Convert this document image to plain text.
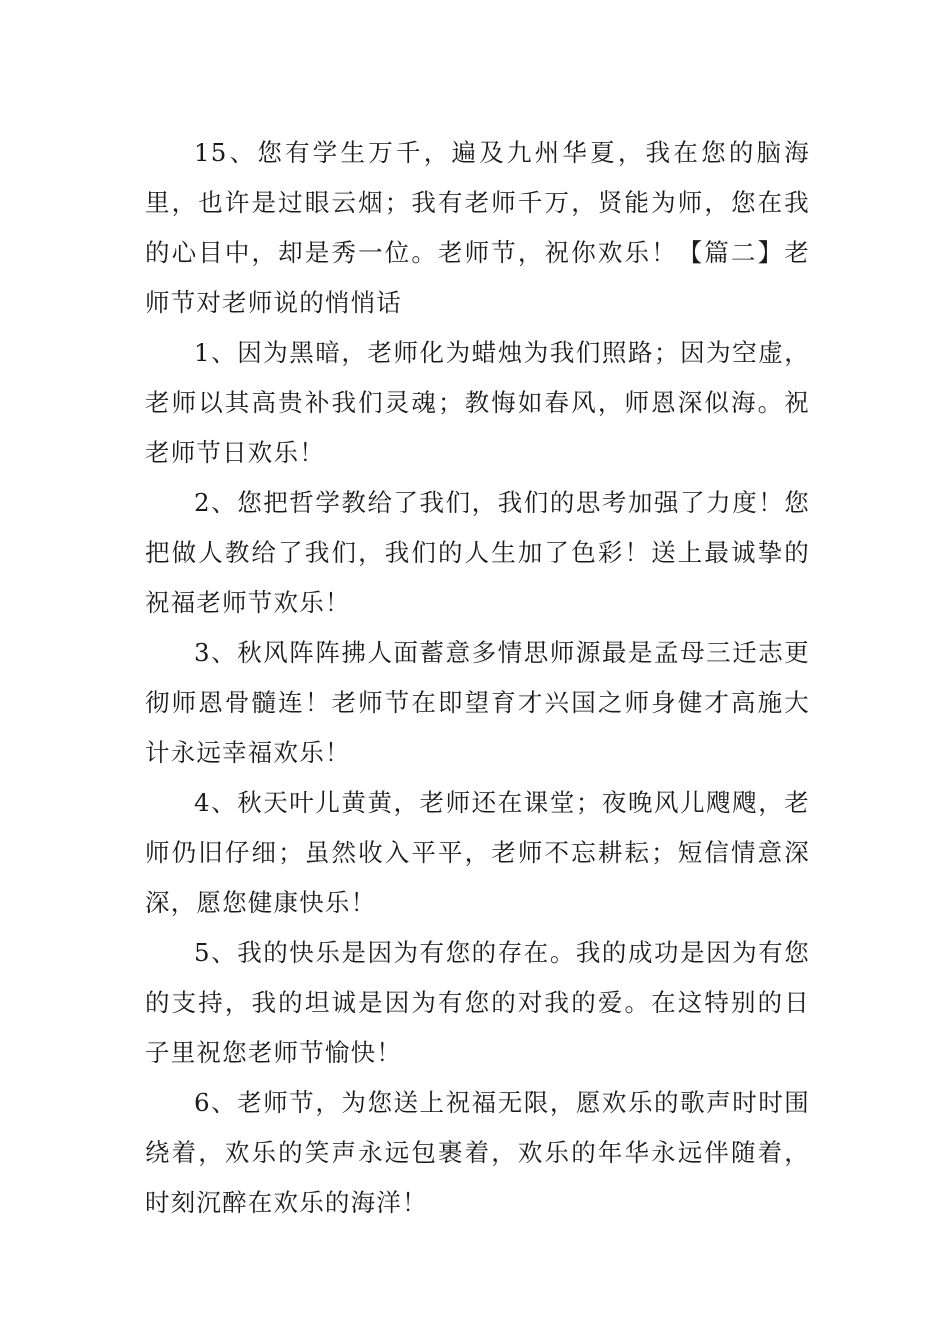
15、您有学生万千，遍及九州华夏，我在您的脑海里，也许是过眼云烟；我有老师千万，贤能为师，您在我的心目中，却是秀一位。老师节，祝你欢乐！【篇二】老师节对老师说的悄悄话

1、因为黑暗，老师化为蜡烛为我们照路；因为空虚，老师以其高贵补我们灵魂；教悔如春风，师恩深似海。祝老师节日欢乐！

2、您把哲学教给了我们，我们的思考加强了力度！您把做人教给了我们，我们的人生加了色彩！送上最诚挚的祝福老师节欢乐！

3、秋风阵阵拂人面蓄意多情思师源最是孟母三迁志更彻师恩骨髓连！老师节在即望育才兴国之师身健才高施大计永远幸福欢乐！

4、秋天叶儿黄黄，老师还在课堂；夜晚风儿飕飕，老师仍旧仔细；虽然收入平平，老师不忘耕耘；短信情意深深，愿您健康快乐！

5、我的快乐是因为有您的存在。我的成功是因为有您的支持，我的坦诚是因为有您的对我的爱。在这特别的日子里祝您老师节愉快！

6、老师节，为您送上祝福无限，愿欢乐的歌声时时围绕着，欢乐的笑声永远包裹着，欢乐的年华永远伴随着，时刻沉醉在欢乐的海洋！
